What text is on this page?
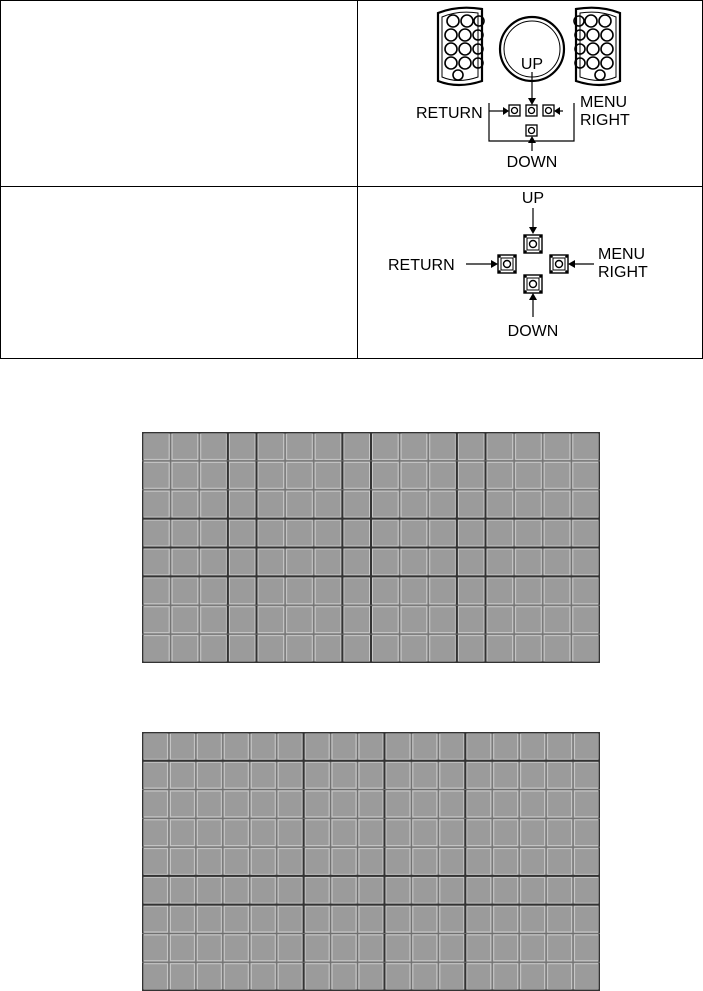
UP
RETURN
MENU
RIGHT
DOWN

UP
RETURN
MENU
RIGHT
DOWN
